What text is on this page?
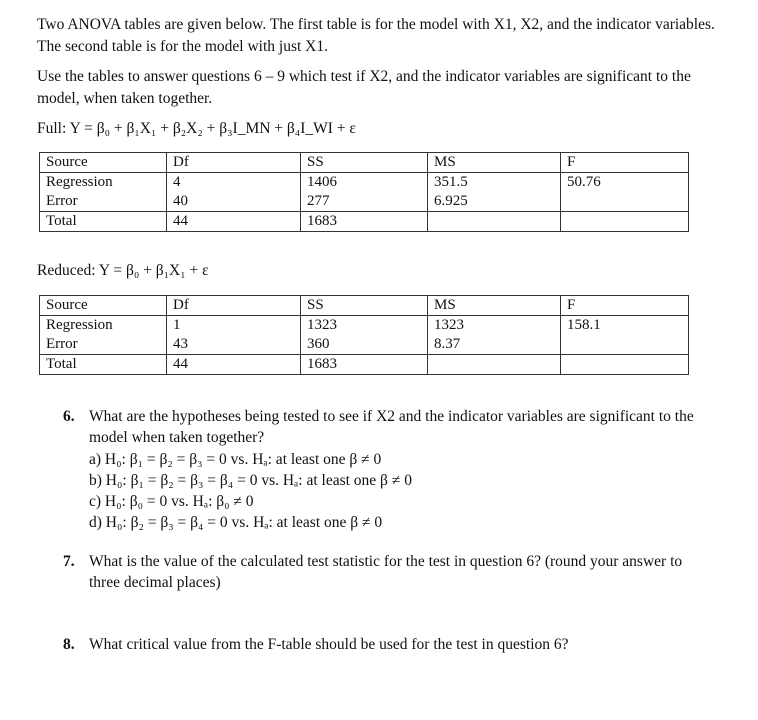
Two ANOVA tables are given below. The first table is for the model with X1, X2, and the indicator variables. The second table is for the model with just X1.
Use the tables to answer questions 6 – 9 which test if X2, and the indicator variables are significant to the model, when taken together.
Full: Y = β₀ + β₁X₁ + β₂X₂ + β₃I_MN + β₄I_WI + ε
Source	Df	SS	MS	F
Regression	4	1406	351.5	50.76
Error	40	277	6.925	
Total	44	1683		
Reduced: Y = β₀ + β₁X₁ + ε
Source	Df	SS	MS	F
Regression	1	1323	1323	158.1
Error	43	360	8.37	
Total	44	1683		
6. What are the hypotheses being tested to see if X2 and the indicator variables are significant to the model when taken together?
a) H₀: β₁ = β₂ = β₃ = 0 vs. Hₐ: at least one β ≠ 0
b) H₀: β₁ = β₂ = β₃ = β₄ = 0 vs. Hₐ: at least one β ≠ 0
c) H₀: β₀ = 0 vs. Hₐ: β₀ ≠ 0
d) H₀: β₂ = β₃ = β₄ = 0 vs. Hₐ: at least one β ≠ 0
7. What is the value of the calculated test statistic for the test in question 6? (round your answer to three decimal places)
8. What critical value from the F-table should be used for the test in question 6?
